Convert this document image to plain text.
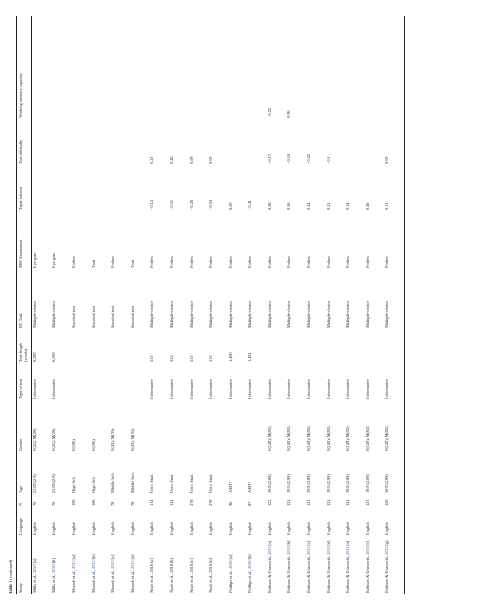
Table 1 (continued)
Study	Language	N	Age	Gender	Type of text	Text length (words)	RC Task	MW Assessment	Topic interest	Text difficulty	Working memory capacity
Mills et al., 2020 [a]	English	70	21.09 (2.9)	F(41); M(29)	Informative	6,500	Multiple-choice	Eye gaze			
Mills et al., 2020 [b]	English	70	21.09 (2.9)	F(41); M(29)	Informative	6,500	Multiple-choice	Eye gaze			
Mrazek et al., 2013 [a]	English	106	High Sch.	F(106)			Standard test	Probes			
Mrazek et al., 2013 [b]	English	106	High Sch.	F(106)			Standard test	Trait			
Mrazek et al., 2013 [c]	English	78	Middle Sch.	F(43); M(35)			Standard test	Probes			
Mrazek et al., 2013 [d]	English	78	Middle Sch.	F(43); M(35)			Standard test	Trait			
Noah et al., 2018 [a]	English	114	Univ. Stud.		Informative	515	Multiple-choice	Probes	−0.14	0.21	
Noah et al., 2018 [b]	English	114	Univ. Stud.		Informative	515	Multiple-choice	Probes	−0.35	0.26	
Noah et al., 2018 [c]	English	278	Univ. Stud.		Informative	515	Multiple-choice	Probes	−0.28	0.09	
Noah et al., 2018 [d]	English	278	Univ. Stud.		Informative	515	Multiple-choice	Probes	−0.04	0.03	
Phillips et al., 2016 [a]	English	96	AMT¹		Informative	1,490	Multiple-choice	Probes	0.00		
Phillips et al., 2016 [b]	English	87	AMT¹		Informative	1,491	Multiple-choice	Probes	−0.41		
Robison & Unsworth, 2015 [a]	English	121	19.9 (2.89)	F(149); M(92)	Informative		Multiple-choice	Probes	0.28	−0.17	−0.25
Robison & Unsworth, 2015 [b]	English	121	19.9 (2.89)	F(149); M(92)	Informative		Multiple-choice	Probes	0.36	−0.18	0.06
Robison & Unsworth, 2015 [c]	English	121	19.9 (2.89)	F(149); M(92)	Informative		Multiple-choice	Probes	0.44	−0.22	
Robison & Unsworth, 2015 [d]	English	121	19.9 (2.89)	F(149); M(92)	Informative		Multiple-choice	Probes	0.21	−0.1	
Robison & Unsworth, 2015 [e]	English	121	19.9 (2.89)	F(149); M(92)	Informative		Multiple-choice	Probes	0.34		
Robison & Unsworth, 2015 [f]	English	121	19.9 (2.89)	F(149); M(92)	Informative		Multiple-choice	Probes	0.46		
Robison & Unsworth, 2015 [g]	English	120	19.9 (2.89)	F(149); M(92)	Informative		Multiple-choice	Probes	0.11	0.05	
